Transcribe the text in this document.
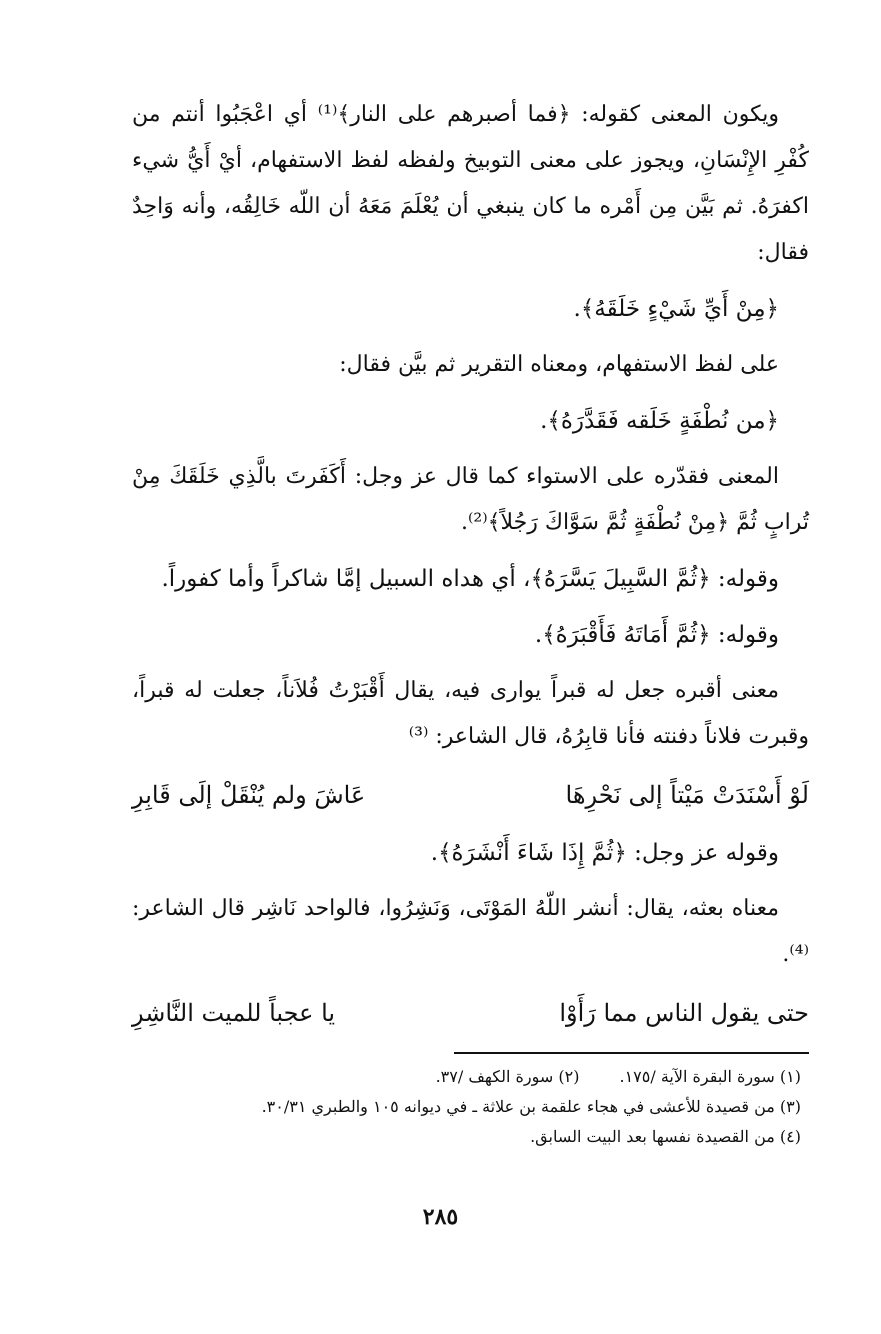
ويكون المعنى كقوله: ﴿فما أصبرهم على النار﴾⁽¹⁾ أي اعْجَبُوا أنتم من كُفْرِ الإِنْسَانِ، ويجوز على معنى التوبيخ ولفظه لفظ الاستفهام، أيْ أَيُّ شيء اكفرَهُ. ثم بَيَّن مِن أَمْره ما كان ينبغي أن يُعْلَمَ مَعَهُ أن اللّه خَالِقُه، وأنه وَاحِدٌ فقال:

﴿مِنْ أَيِّ شَيْءٍ خَلَقَهُ﴾.

على لفظ الاستفهام، ومعناه التقرير ثم بيَّن فقال:

﴿من نُطْفَةٍ خَلَقه فَقَدَّرَهُ﴾.

المعنى فقدّره على الاستواء كما قال عز وجل: أَكَفَرتَ بالَّذِي خَلَقَكَ مِنْ تُرابٍ ثُمَّ ﴿مِنْ نُطْفَةٍ ثُمَّ سَوَّاكَ رَجُلاً﴾⁽²⁾.

وقوله: ﴿ثُمَّ السَّبِيلَ يَسَّرَهُ﴾، أي هداه السبيل إمَّا شاكراً وأما كفوراً.

وقوله: ﴿ثُمَّ أَمَاتَهُ فَأَقْبَرَهُ﴾.

معنى أقبره جعل له قبراً يوارى فيه، يقال أَقْبَرْتُ فُلاَناً، جعلت له قبراً، وقبرت فلاناً دفنته فأنا قابِرُهُ، قال الشاعر: ⁽³⁾

لَوْ أَسْنَدَتْ مَيْتاً إلى نَحْرِهَا
عَاشَ ولم يُنْقَلْ إلَى قَابِرِ

وقوله عز وجل: ﴿ثُمَّ إِذَا شَاءَ أَنْشَرَهُ﴾.

معناه بعثه، يقال: أنشر اللّهُ المَوْتَى، وَنَشِرُوا، فالواحد نَاشِر قال الشاعر: ⁽⁴⁾.

حتى يقول الناس مما رَأَوْا
يا عجباً للميت النَّاشِرِ
(١) سورة البقرة الآية /١٧٥.
(٢) سورة الكهف /٣٧.
(٣) من قصيدة للأعشى في هجاء علقمة بن علاثة ـ في ديوانه ١٠٥ والطبري ٣٠/٣١.
(٤) من القصيدة نفسها بعد البيت السابق.
٢٨٥
